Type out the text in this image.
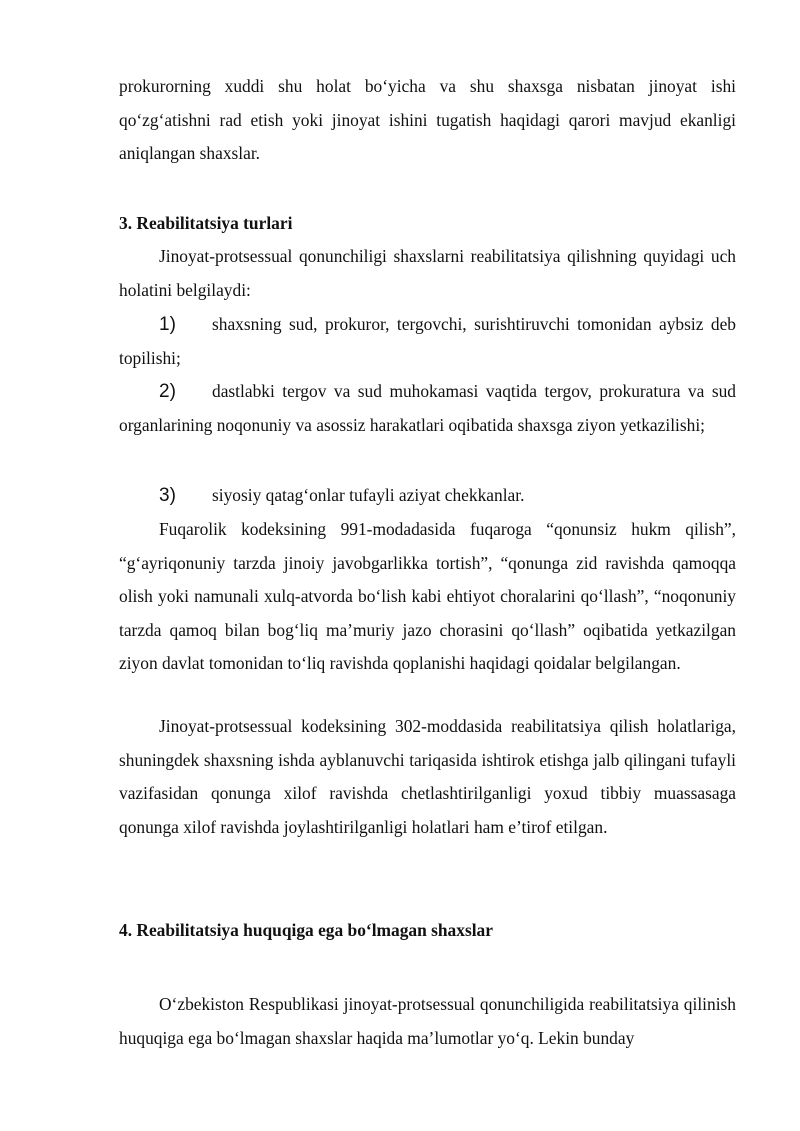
prokurorning xuddi shu holat bo‘yicha va shu shaxsga nisbatan jinoyat ishi qo‘zg‘atishni rad etish yoki jinoyat ishini tugatish haqidagi qarori mavjud ekanligi aniqlangan shaxslar.

3. Reabilitatsiya turlari

Jinoyat-protsessual qonunchiligi shaxslarni reabilitatsiya qilishning quyidagi uch holatini belgilaydi:

1) shaxsning sud, prokuror, tergovchi, surishtiruvchi tomonidan aybsiz deb topilishi;

2) dastlabki tergov va sud muhokamasi vaqtida tergov, prokuratura va sud organlarining noqonuniy va asossiz harakatlari oqibatida shaxsga ziyon yetkazilishi;

3) siyosiy qatag‘onlar tufayli aziyat chekkanlar.

Fuqarolik kodeksining 991-modadasida fuqaroga “qonunsiz hukm qilish”, “g‘ayriqonuniy tarzda jinoiy javobgarlikka tortish”, “qonunga zid ravishda qamoqqa olish yoki namunali xulq-atvorda bo‘lish kabi ehtiyot choralarini qo‘llash”, “noqonuniy tarzda qamoq bilan bog‘liq ma’muriy jazo chorasini qo‘llash” oqibatida yetkazilgan ziyon davlat tomonidan to‘liq ravishda qoplanishi haqidagi qoidalar belgilangan.

Jinoyat-protsessual kodeksining 302-moddasida reabilitatsiya qilish holatlariga, shuningdek shaxsning ishda ayblanuvchi tariqasida ishtirok etishga jalb qilingani tufayli vazifasidan qonunga xilof ravishda chetlashtirilganligi yoxud tibbiy muassasaga qonunga xilof ravishda joylashtirilganligi holatlari ham e’tirof etilgan.

4. Reabilitatsiya huquqiga ega bo‘lmagan shaxslar

O‘zbekiston Respublikasi jinoyat-protsessual qonunchiligida reabilitatsiya qilinish huquqiga ega bo‘lmagan shaxslar haqida ma’lumotlar yo‘q. Lekin bunday
